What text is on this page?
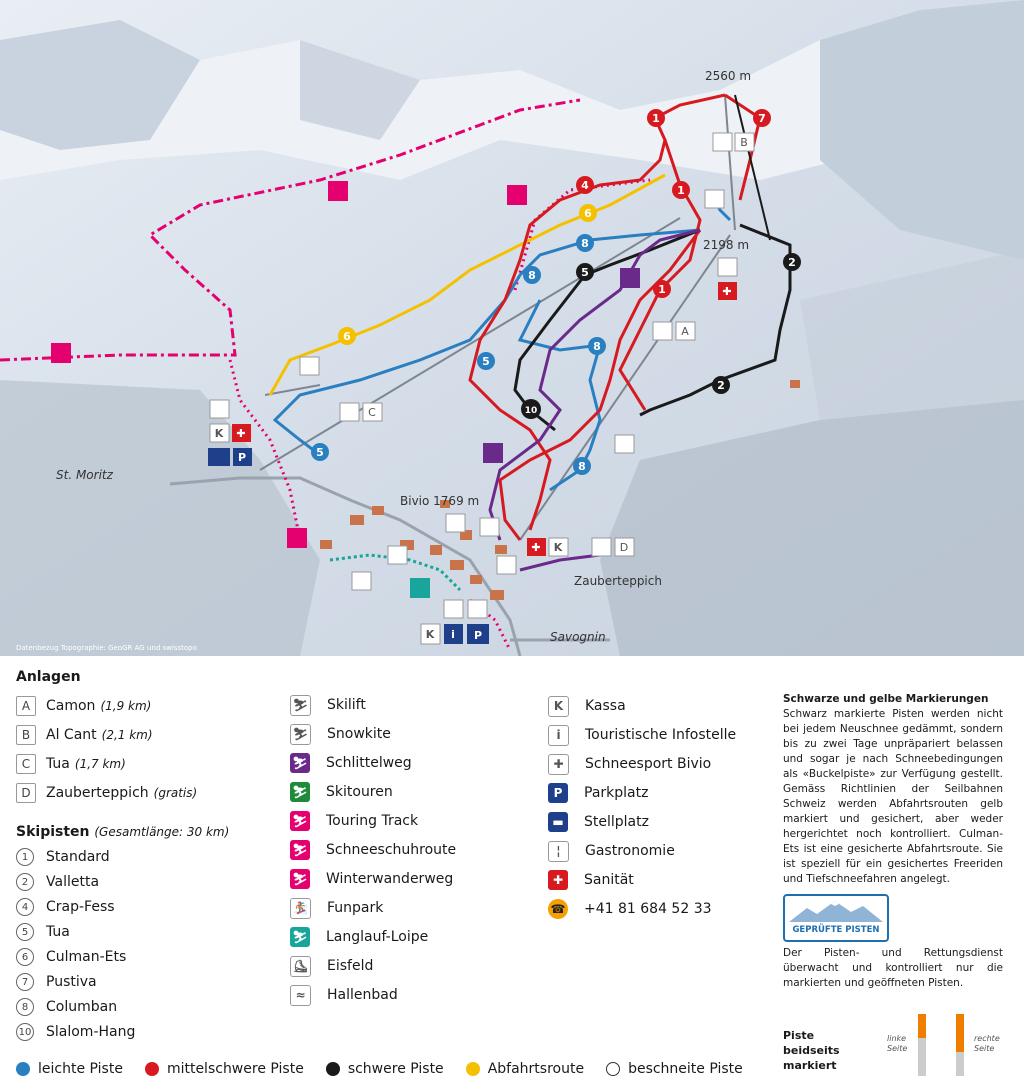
1	7
4	1
6
8
2
8	5
1
6
8
5
2
10
5
8
B
A
C
D
K ✚
P
✚
✚ K
K i P
2560 m
2198 m
Bivio 1769 m
St. Moritz
Savognin
Zauberteppich
Datenbezug Topographie: GeoGR AG und swisstopo
Anlagen
A	Camon (1,9 km)
B	Al Cant (2,1 km)
C	Tua (1,7 km)
D	Zauberteppich (gratis)
Skipisten (Gesamtlänge: 30 km)
1	Standard
2	Valletta
4	Crap-Fess
5	Tua
6	Culman-Ets
7	Pustiva
8	Columban
10 Slalom-Hang
⛷ Skilift
⛷ Snowkite
⛷ Schlittelweg
⛷ Skitouren
⛷ Touring Track
⛷ Schneeschuhroute
⛷ Winterwanderweg
🏂 Funpark
⛷ Langlauf-Loipe
⛸ Eisfeld
≈	Hallenbad
K	Kassa
i	Touristische Infostelle
✚	Schneesport Bivio
P	Parkplatz
▬	Stellplatz
¦	Gastronomie
✚	Sanität
☎ +41 81 684 52 33
Schwarze und gelbe Markierungen
Schwarz markierte Pisten werden nicht bei jedem Neuschnee gedämmt, sondern bis zu zwei Tage unpräpariert belassen und sogar je nach Schneebedingungen als «Buckelpiste» zur Verfügung gestellt. Gemäss Richtlinien der Seilbahnen Schweiz werden Abfahrtsrouten gelb markiert und gesichert, aber weder hergerichtet noch kontrolliert. Culman-Ets ist eine gesicherte Abfahrtsroute. Sie ist speziell für ein gesichertes Freeriden und Tiefschneefahren angelegt.
GEPRÜFTE PISTEN
Der Pisten- und Rettungsdienst überwacht und kontrolliert nur die markierten und geöffneten Pisten.
Piste beidseits markiert
linke Seite
rechte Seite
leichte Piste	mittelschwere Piste	schwere Piste	Abfahrtsroute	beschneite Piste
